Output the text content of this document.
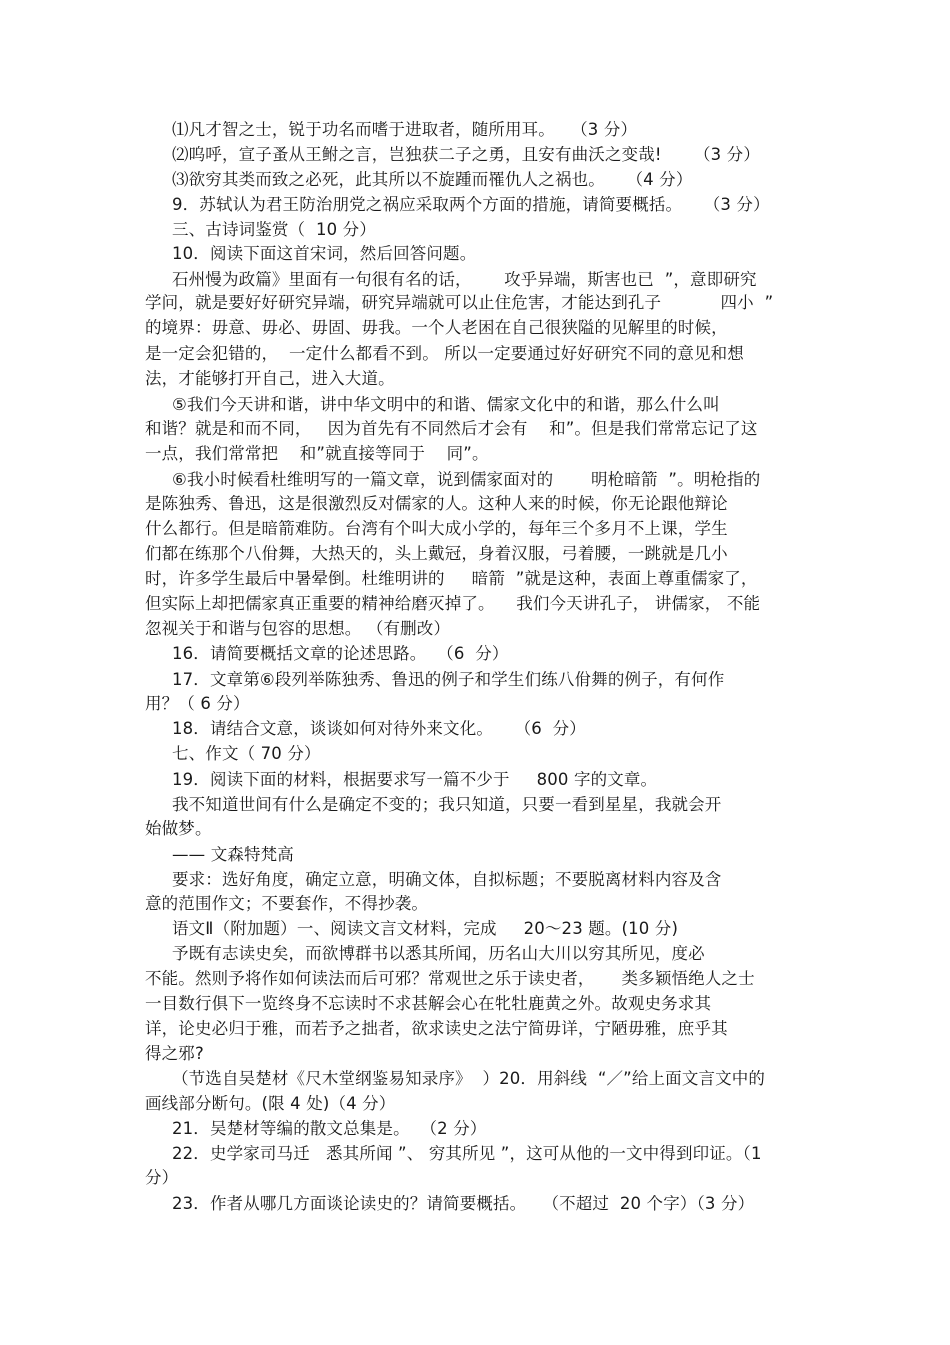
⑴凡才智之士，锐于功名而嗜于进取者，随所用耳。   （3 分）

⑵呜呼，宣子蚤从王鲋之言，岂独获二子之勇，且安有曲沃之变哉!      （3 分）

⑶欲穷其类而致之必死，此其所以不旋踵而罹仇人之祸也。    （4 分）

9．苏轼认为君王防治朋党之祸应采取两个方面的措施，请简要概括。    （3 分）

三、古诗词鉴赏（  10 分）

10．阅读下面这首宋词，然后回答问题。

石州慢为政篇》里面有一句很有名的话，      攻乎异端，斯害也已  ”，意即研究

学问，就是要好好研究异端，研究异端就可以止住危害，才能达到孔子           四小  ”

的境界：毋意、毋必、毋固、毋我。一个人老困在自己很狭隘的见解里的时候，

是一定会犯错的，  一定什么都看不到。 所以一定要通过好好研究不同的意见和想

法，才能够打开自己，进入大道。

⑤我们今天讲和谐，讲中华文明中的和谐、儒家文化中的和谐，那么什么叫

和谐？就是和而不同，   因为首先有不同然后才会有    和”。但是我们常常忘记了这

一点，我们常常把    和”就直接等同于    同”。

⑥我小时候看杜维明写的一篇文章，说到儒家面对的       明枪暗箭  ”。明枪指的

是陈独秀、鲁迅，这是很激烈反对儒家的人。这种人来的时候，你无论跟他辩论

什么都行。但是暗箭难防。台湾有个叫大成小学的，每年三个多月不上课，学生

们都在练那个八佾舞，大热天的，头上戴冠，身着汉服，弓着腰，一跳就是几小

时，许多学生最后中暑晕倒。杜维明讲的     暗箭  ”就是这种，表面上尊重儒家了，

但实际上却把儒家真正重要的精神给磨灭掉了。    我们今天讲孔子， 讲儒家， 不能

忽视关于和谐与包容的思想。 （有删改）

16．请简要概括文章的论述思路。  （6  分）

17．文章第⑥段列举陈独秀、鲁迅的例子和学生们练八佾舞的例子，有何作

用？（ 6 分）

18．请结合文意，谈谈如何对待外来文化。    （6  分）

七、作文（ 70 分）

19．阅读下面的材料，根据要求写一篇不少于     800 字的文章。

我不知道世间有什么是确定不变的；我只知道，只要一看到星星，我就会开

始做梦。

—— 文森特梵高

要求：选好角度，确定立意，明确文体，自拟标题；不要脱离材料内容及含

意的范围作文；不要套作，不得抄袭。

语文Ⅱ（附加题）一、阅读文言文材料，完成     20～23 题。(10 分)

予既有志读史矣，而欲博群书以悉其所闻，历名山大川以穷其所见，度必

不能。然则予将作如何读法而后可邪？常观世之乐于读史者，     类多颖悟绝人之士

一目数行俱下一览终身不忘读时不求甚解会心在牝牡鹿黄之外。故观史务求其

详，论史必归于雅，而若予之拙者，欲求读史之法宁简毋详，宁陋毋雅，庶乎其

得之邪?

（节选自吴楚材《尺木堂纲鉴易知录序》  ）20．用斜线  “／”给上面文言文中的

画线部分断句。(限 4 处)（4 分）

21．吴楚材等编的散文总集是。  （2 分）

22．史学家司马迁   悉其所闻 ”、 穷其所见 ”，这可从他的一文中得到印证。（1

分）

23．作者从哪几方面谈论读史的？请简要概括。   （不超过  20 个字）（3 分）
